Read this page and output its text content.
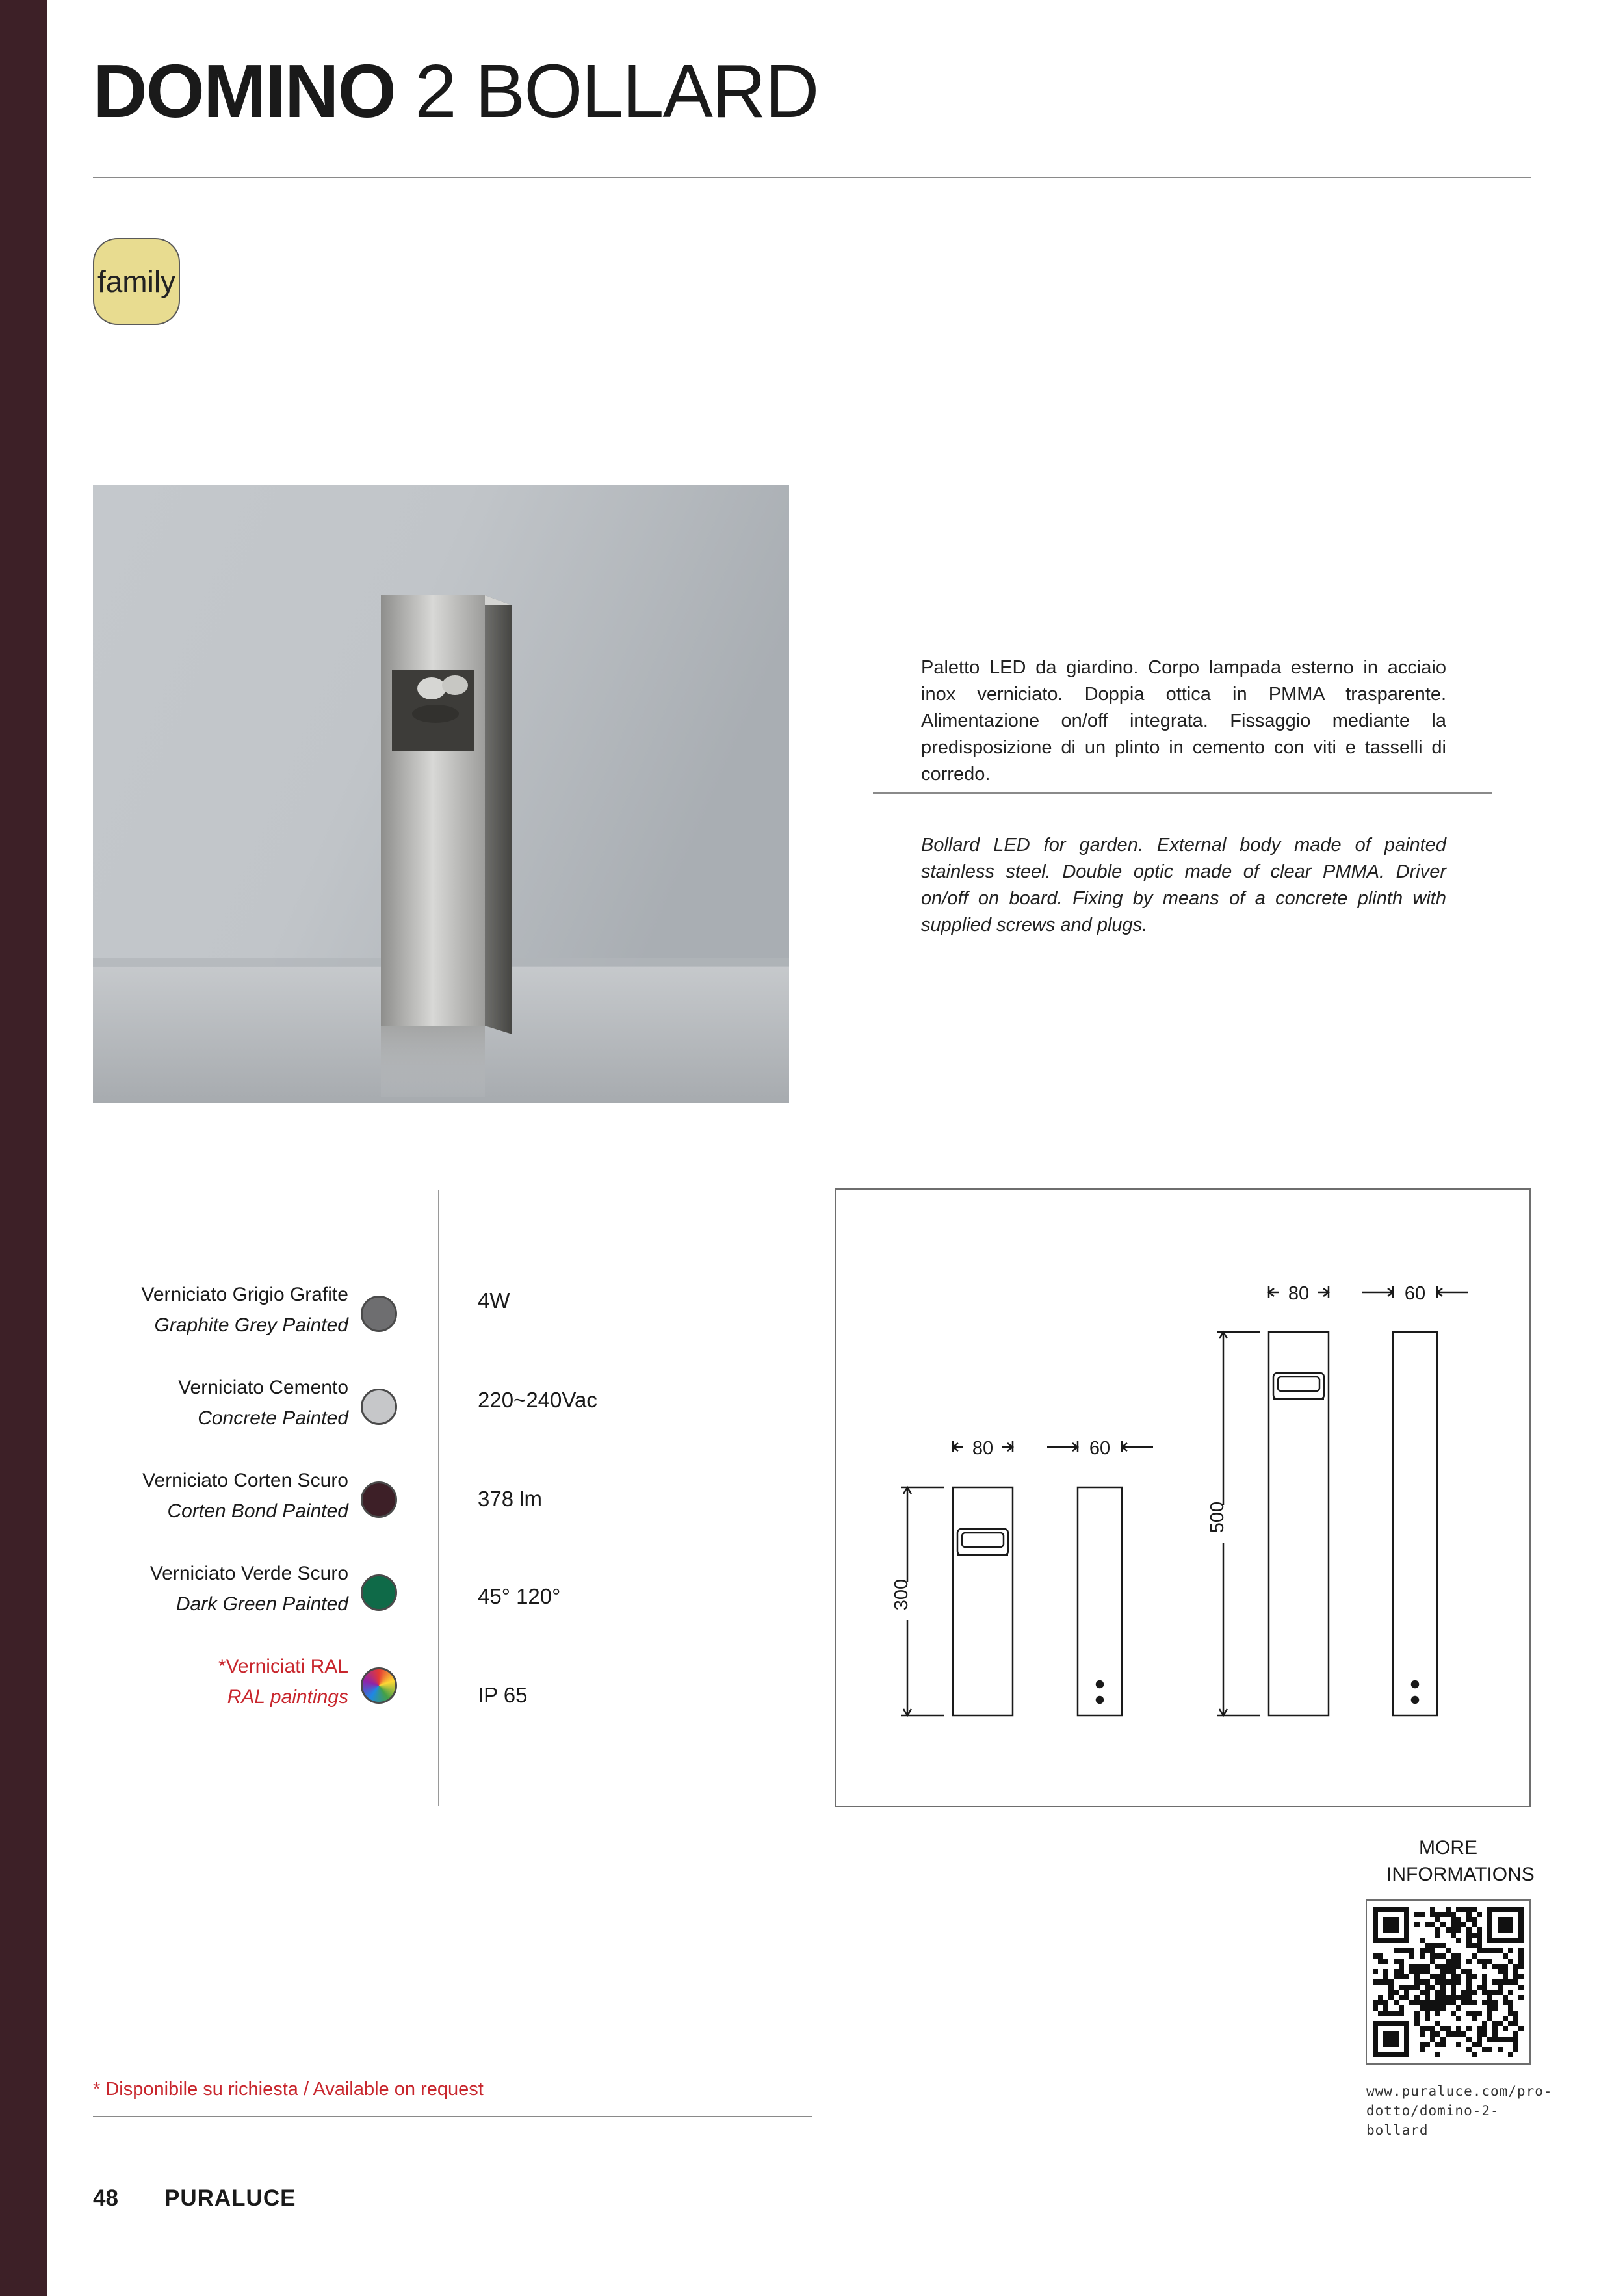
DOMINO 2 BOLLARD
family
Paletto LED da giardino. Corpo lampada esterno in acciaio inox verniciato. Doppia ottica in PMMA trasparente. Alimentazione on/off integrata. Fissaggio mediante la predisposizione di un plinto in cemento con viti e tasselli di corredo.
Bollard LED for garden. External body made of painted stainless steel. Double optic made of clear PMMA. Driver on/off on board. Fixing by means of a concrete plinth with supplied screws and plugs.
Verniciato Grigio Grafite
Graphite Grey Painted
Verniciato Cemento
Concrete Painted
Verniciato Corten Scuro
Corten Bond Painted
Verniciato Verde Scuro
Dark Green Painted
*Verniciati RAL
RAL paintings
4W
220~240Vac
378 lm
45° 120°
IP 65
80	60
300
80	60
500
MORE
INFORMATIONS
www.puraluce.com/pro-
dotto/domino-2-bollard
* Disponibile su richiesta / Available on request
48 PURALUCE
